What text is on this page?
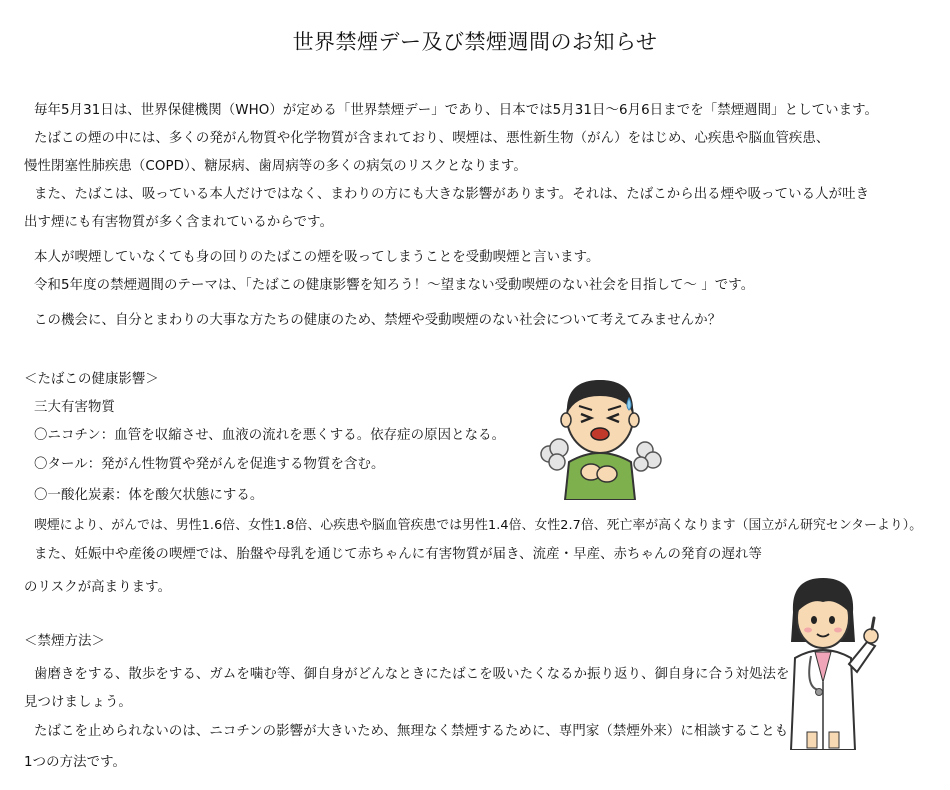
世界禁煙デー及び禁煙週間のお知らせ
毎年5月31日は、世界保健機関（WHO）が定める「世界禁煙デー」であり、日本では5月31日～6月6日までを「禁煙週間」としています。
たばこの煙の中には、多くの発がん物質や化学物質が含まれており、喫煙は、悪性新生物（がん）をはじめ、心疾患や脳血管疾患、
慢性閉塞性肺疾患（COPD）、糖尿病、歯周病等の多くの病気のリスクとなります。
また、たばこは、吸っている本人だけではなく、まわりの方にも大きな影響があります。それは、たばこから出る煙や吸っている人が吐き
出す煙にも有害物質が多く含まれているからです。
本人が喫煙していなくても身の回りのたばこの煙を吸ってしまうことを受動喫煙と言います。
令和5年度の禁煙週間のテーマは、「たばこの健康影響を知ろう！～望まない受動喫煙のない社会を目指して～ 」です。
この機会に、自分とまわりの大事な方たちの健康のため、禁煙や受動喫煙のない社会について考えてみませんか？
＜たばこの健康影響＞
三大有害物質
〇ニコチン：血管を収縮させ、血液の流れを悪くする。依存症の原因となる。
〇タール：発がん性物質や発がんを促進する物質を含む。
〇一酸化炭素：体を酸欠状態にする。
喫煙により、がんでは、男性1.6倍、女性1.8倍、心疾患や脳血管疾患では男性1.4倍、女性2.7倍、死亡率が高くなります（国立がん研究センターより）。
また、妊娠中や産後の喫煙では、胎盤や母乳を通じて赤ちゃんに有害物質が届き、流産・早産、赤ちゃんの発育の遅れ等
のリスクが高まります。
＜禁煙方法＞
歯磨きをする、散歩をする、ガムを噛む等、御自身がどんなときにたばこを吸いたくなるか振り返り、御自身に合う対処法を
見つけましょう。
たばこを止められないのは、ニコチンの影響が大きいため、無理なく禁煙するために、専門家（禁煙外来）に相談することも
1つの方法です。
